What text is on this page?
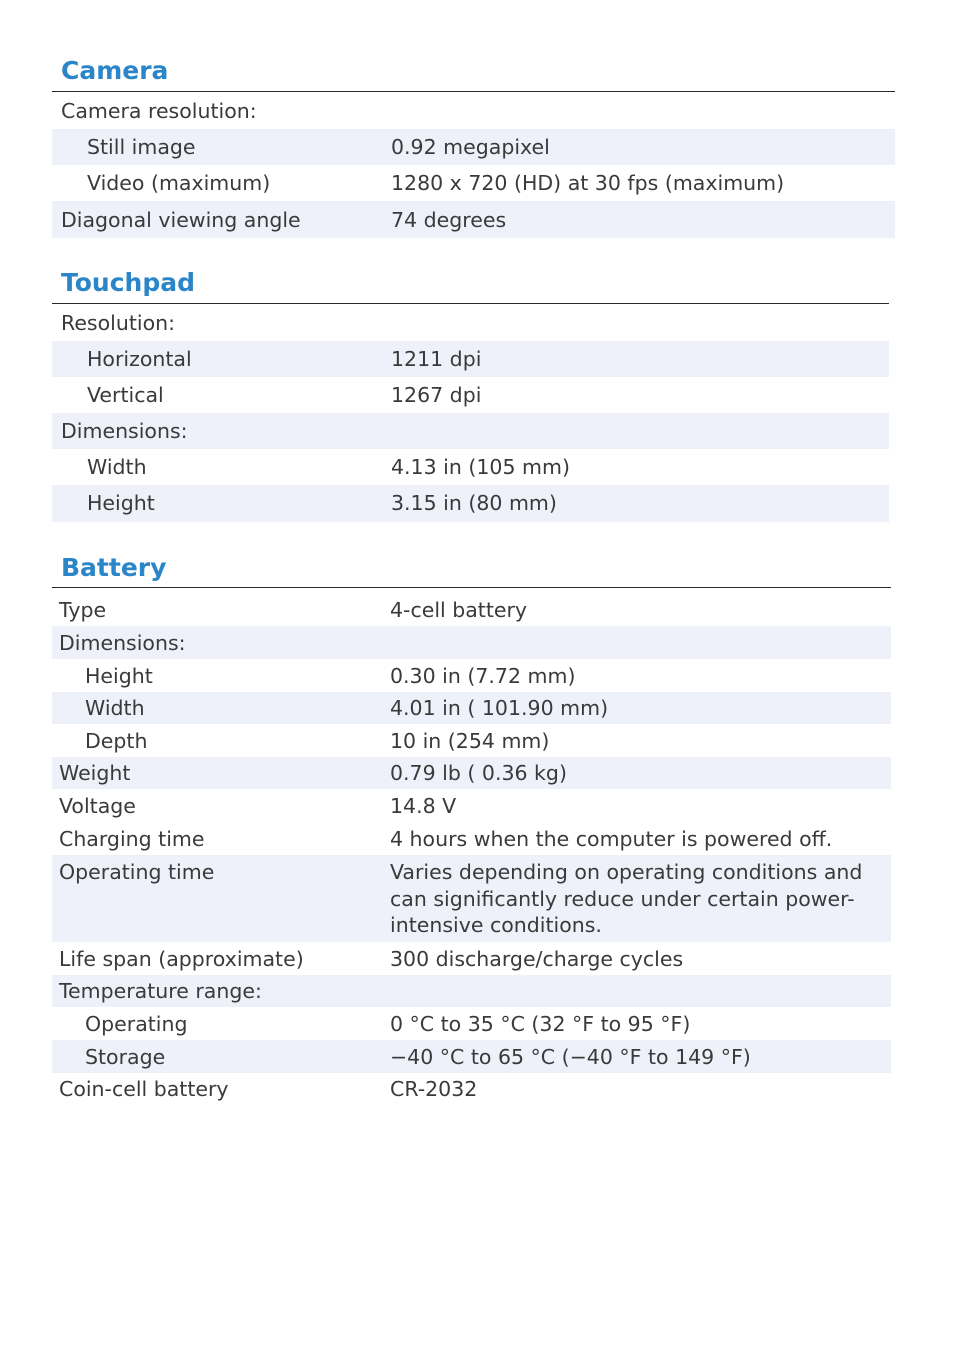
Camera
Camera resolution:
Still image	0.92 megapixel
Video (maximum)	1280 x 720 (HD) at 30 fps (maximum)
Diagonal viewing angle	74 degrees
Touchpad
Resolution:
Horizontal	1211 dpi
Vertical	1267 dpi
Dimensions:
Width	4.13 in (105 mm)
Height	3.15 in (80 mm)
Battery
Type	4-cell battery
Dimensions:
Height	0.30 in (7.72 mm)
Width	4.01 in ( 101.90 mm)
Depth	10 in (254 mm)
Weight	0.79 lb ( 0.36 kg)
Voltage	14.8 V
Charging time	4 hours when the computer is powered off.
Operating time	Varies depending on operating conditions and can significantly reduce under certain power-intensive conditions.
Life span (approximate)	300 discharge/charge cycles
Temperature range:
Operating	0 °C to 35 °C (32 °F to 95 °F)
Storage	−40 °C to 65 °C (−40 °F to 149 °F)
Coin-cell battery	CR-2032
